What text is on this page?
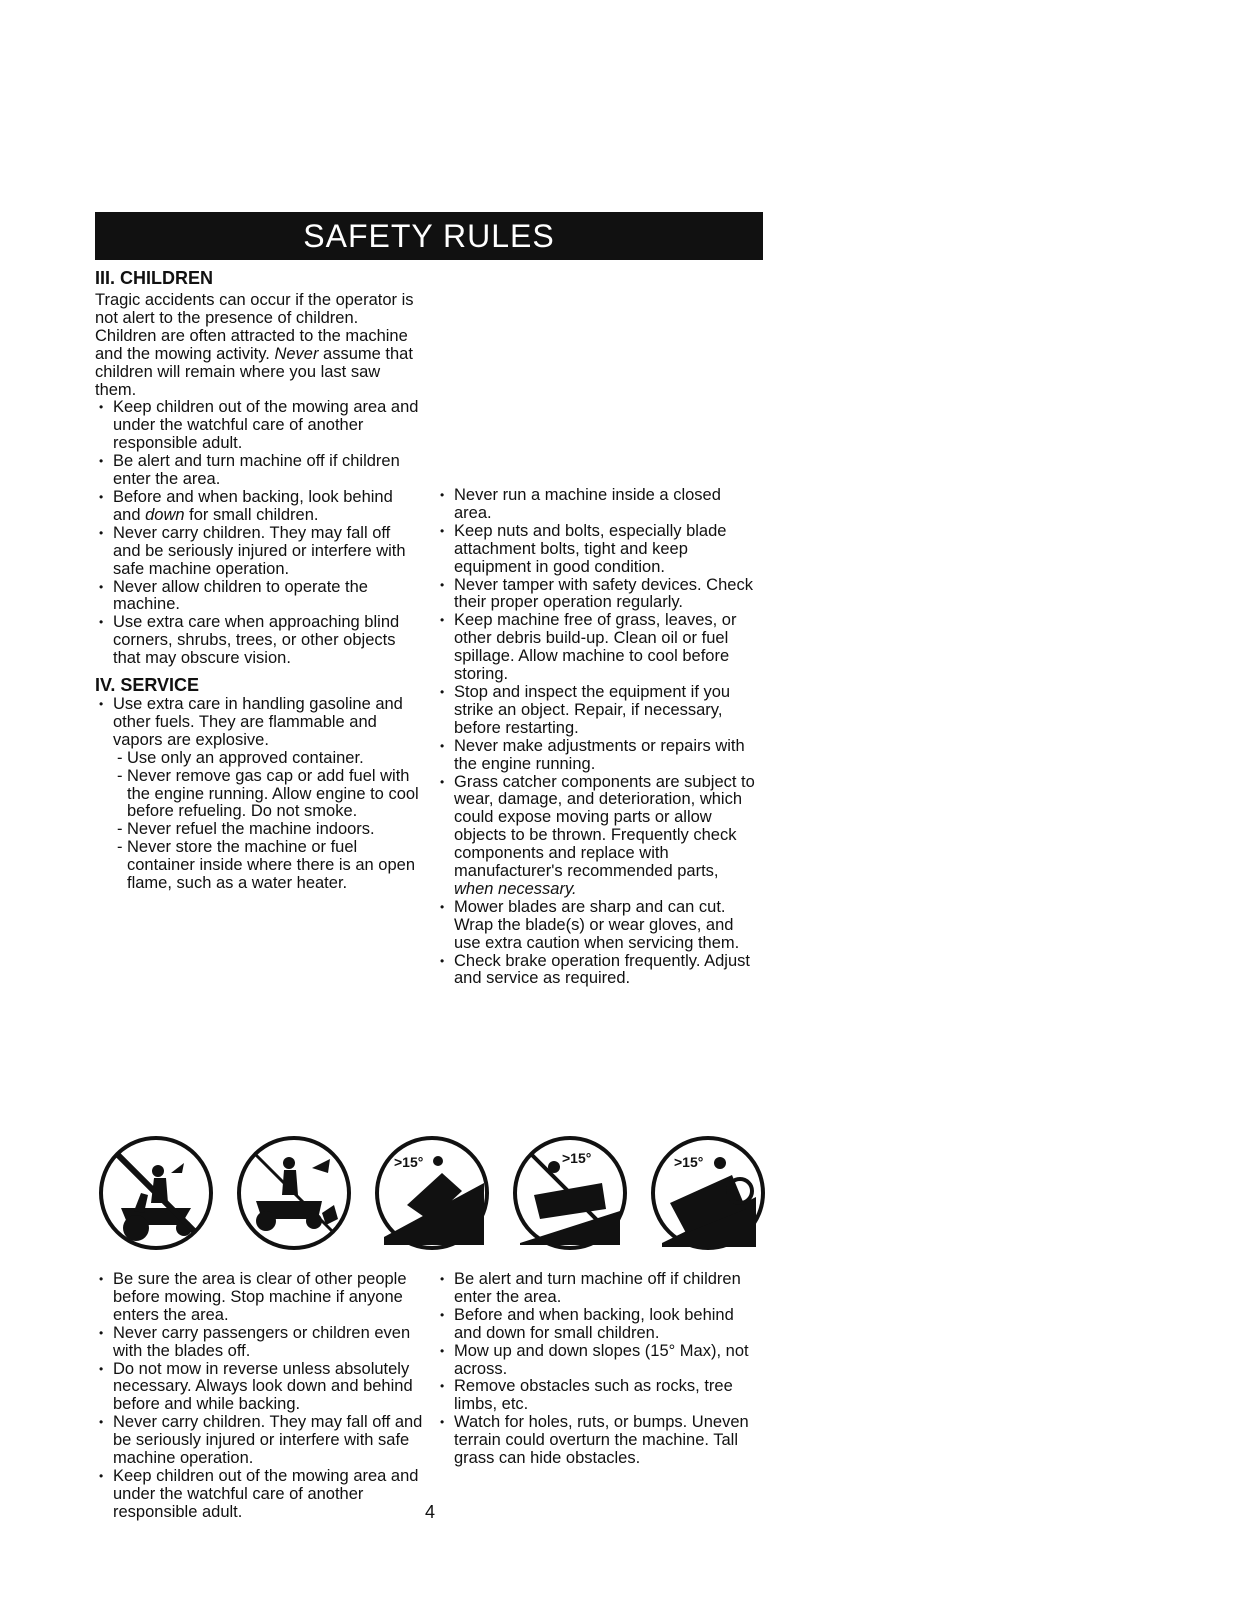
SAFETY RULES
III. CHILDREN

Tragic accidents can occur if the operator is not alert to the presence of children. Children are often attracted to the machine and the mowing activity. Never assume that children will remain where you last saw them.

• Keep children out of the mowing area and under the watchful care of another responsible adult.
• Be alert and turn machine off if children enter the area.
• Before and when backing, look behind and down for small children.
• Never carry children. They may fall off and be seriously injured or interfere with safe machine operation.
• Never allow children to operate the machine.
• Use extra care when approaching blind corners, shrubs, trees, or other objects that may obscure vision.
IV. SERVICE
• Use extra care in handling gasoline and other fuels. They are flammable and vapors are explosive.
- Use only an approved container.
- Never remove gas cap or add fuel with the engine running. Allow engine to cool before refueling. Do not smoke.
- Never refuel the machine indoors.
- Never store the machine or fuel container inside where there is an open flame, such as a water heater.
• Never run a machine inside a closed area.
• Keep nuts and bolts, especially blade attachment bolts, tight and keep equipment in good condition.
• Never tamper with safety devices. Check their proper operation regularly.
• Keep machine free of grass, leaves, or other debris build-up. Clean oil or fuel spillage. Allow machine to cool before storing.
• Stop and inspect the equipment if you strike an object. Repair, if necessary, before restarting.
• Never make adjustments or repairs with the engine running.
• Grass catcher components are subject to wear, damage, and deterioration, which could expose moving parts or allow objects to be thrown. Frequently check components and replace with manufacturer's recommended parts, when necessary.
• Mower blades are sharp and can cut. Wrap the blade(s) or wear gloves, and use extra caution when servicing them.
• Check brake operation frequently. Adjust and service as required.
>15°	>15°	>15°
• Be sure the area is clear of other people before mowing. Stop machine if anyone enters the area.
• Never carry passengers or children even with the blades off.
• Do not mow in reverse unless absolutely necessary. Always look down and behind before and while backing.
• Never carry children. They may fall off and be seriously injured or interfere with safe machine operation.
• Keep children out of the mowing area and under the watchful care of another responsible adult.
• Be alert and turn machine off if children enter the area.
• Before and when backing, look behind and down for small children.
• Mow up and down slopes (15° Max), not across.
• Remove obstacles such as rocks, tree limbs, etc.
• Watch for holes, ruts, or bumps. Uneven terrain could overturn the machine. Tall grass can hide obstacles.
4
